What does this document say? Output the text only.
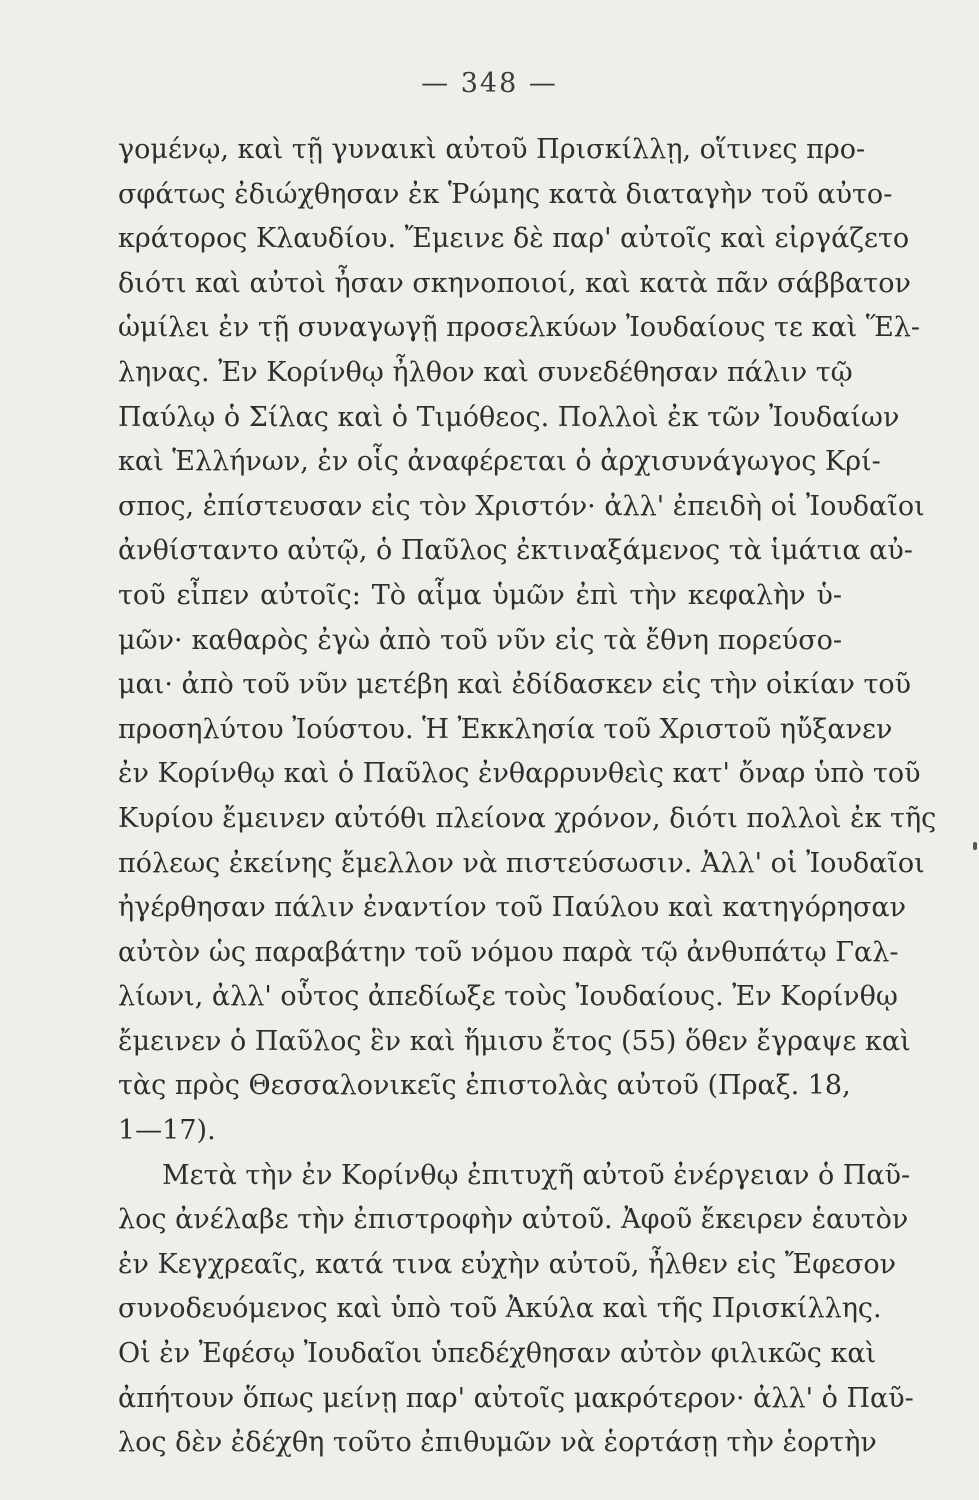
— 348 —
γομένῳ, καὶ τῇ γυναικὶ αὐτοῦ Πρισκίλλῃ, οἵτινες προ-
σφάτως ἐδιώχθησαν ἐκ Ῥώμης κατὰ διαταγὴν τοῦ αὐτο-
κράτορος Κλαυδίου. Ἔμεινε δὲ παρ' αὐτοῖς καὶ εἰργάζετο
διότι καὶ αὐτοὶ ἦσαν σκηνοποιοί, καὶ κατὰ πᾶν σάββατον
ὡμίλει ἐν τῇ συναγωγῇ προσελκύων Ἰουδαίους τε καὶ Ἕλ-
ληνας. Ἐν Κορίνθῳ ἦλθον καὶ συνεδέθησαν πάλιν τῷ
Παύλῳ ὁ Σίλας καὶ ὁ Τιμόθεος. Πολλοὶ ἐκ τῶν Ἰουδαίων
καὶ Ἑλλήνων, ἐν οἷς ἀναφέρεται ὁ ἀρχισυνάγωγος Κρί-
σπος, ἐπίστευσαν εἰς τὸν Χριστόν· ἀλλ' ἐπειδὴ οἱ Ἰουδαῖοι
ἀνθίσταντο αὐτῷ, ὁ Παῦλος ἐκτιναξάμενος τὰ ἱμάτια αὐ-
τοῦ εἶπεν αὐτοῖς: Τὸ αἷμα ὑμῶν ἐπὶ τὴν κεφαλὴν ὑ-
μῶν· καθαρὸς ἐγὼ ἀπὸ τοῦ νῦν εἰς τὰ ἔθνη πορεύσο-
μαι· ἀπὸ τοῦ νῦν μετέβη καὶ ἐδίδασκεν εἰς τὴν οἰκίαν τοῦ
προσηλύτου Ἰούστου. Ἡ Ἐκκλησία τοῦ Χριστοῦ ηὔξανεν
ἐν Κορίνθῳ καὶ ὁ Παῦλος ἐνθαρρυνθεὶς κατ' ὄναρ ὑπὸ τοῦ
Κυρίου ἔμεινεν αὐτόθι πλείονα χρόνον, διότι πολλοὶ ἐκ τῆς
πόλεως ἐκείνης ἔμελλον νὰ πιστεύσωσιν. Ἀλλ' οἱ Ἰουδαῖοι
ἠγέρθησαν πάλιν ἐναντίον τοῦ Παύλου καὶ κατηγόρησαν
αὐτὸν ὡς παραβάτην τοῦ νόμου παρὰ τῷ ἀνθυπάτῳ Γαλ-
λίωνι, ἀλλ' οὗτος ἀπεδίωξε τοὺς Ἰουδαίους. Ἐν Κορίνθῳ
ἔμεινεν ὁ Παῦλος ἓν καὶ ἥμισυ ἔτος (55) ὅθεν ἔγραψε καὶ
τὰς πρὸς Θεσσαλονικεῖς ἐπιστολὰς αὐτοῦ (Πραξ. 18,
1—17).
Μετὰ τὴν ἐν Κορίνθῳ ἐπιτυχῆ αὐτοῦ ἐνέργειαν ὁ Παῦ-
λος ἀνέλαβε τὴν ἐπιστροφὴν αὐτοῦ. Ἀφοῦ ἔκειρεν ἑαυτὸν
ἐν Κεγχρεαῖς, κατά τινα εὐχὴν αὐτοῦ, ἦλθεν εἰς Ἔφεσον
συνοδευόμενος καὶ ὑπὸ τοῦ Ἀκύλα καὶ τῆς Πρισκίλλης.
Οἱ ἐν Ἐφέσῳ Ἰουδαῖοι ὑπεδέχθησαν αὐτὸν φιλικῶς καὶ
ἀπήτουν ὅπως μείνῃ παρ' αὐτοῖς μακρότερον· ἀλλ' ὁ Παῦ-
λος δὲν ἐδέχθη τοῦτο ἐπιθυμῶν νὰ ἑορτάσῃ τὴν ἑορτὴν
